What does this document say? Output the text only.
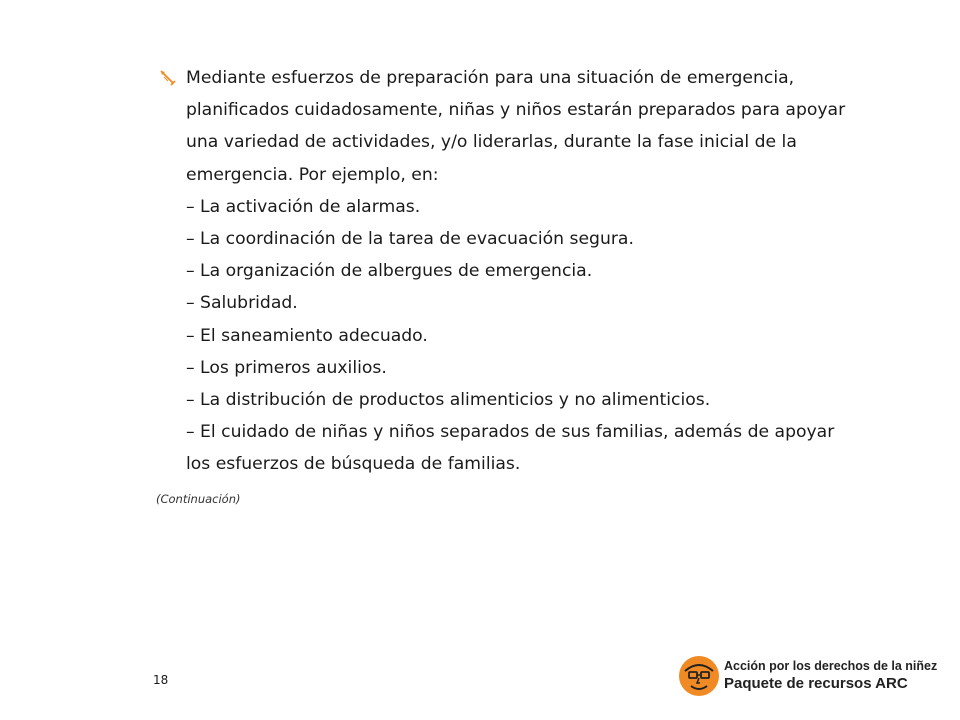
Mediante esfuerzos de preparación para una situación de emergencia,
planificados cuidadosamente, niñas y niños estarán preparados para apoyar
una variedad de actividades, y/o liderarlas, durante la fase inicial de la
emergencia. Por ejemplo, en:
– La activación de alarmas.
– La coordinación de la tarea de evacuación segura.
– La organización de albergues de emergencia.
– Salubridad.
– El saneamiento adecuado.
– Los primeros auxilios.
– La distribución de productos alimenticios y no alimenticios.
– El cuidado de niñas y niños separados de sus familias, además de apoyar
los esfuerzos de búsqueda de familias.

(Continuación)
18
Acción por los derechos de la niñez
Paquete de recursos ARC
